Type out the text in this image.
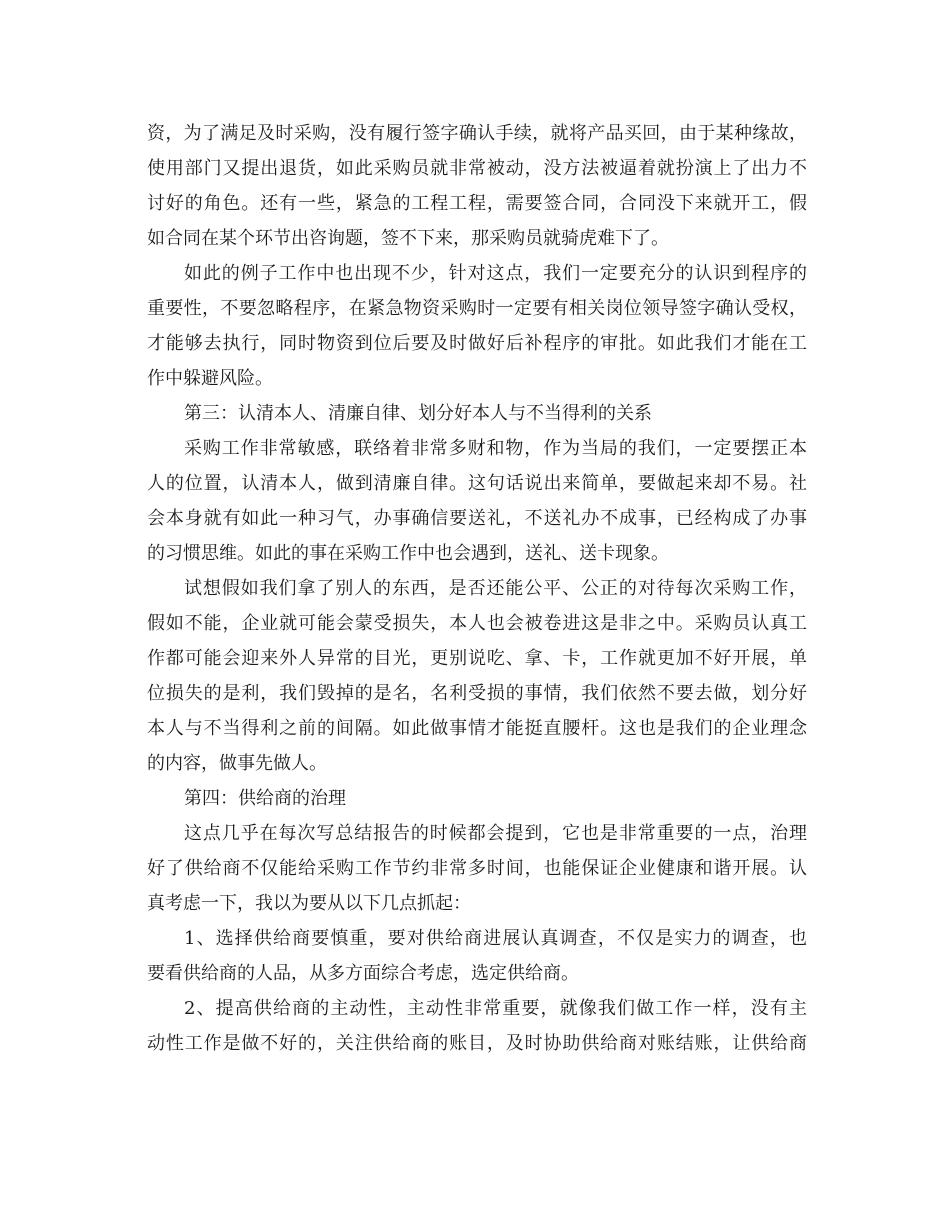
资，为了满足及时采购，没有履行签字确认手续，就将产品买回，由于某种缘故，
使用部门又提出退货，如此采购员就非常被动，没方法被逼着就扮演上了出力不
讨好的角色。还有一些，紧急的工程工程，需要签合同，合同没下来就开工，假
如合同在某个环节出咨询题，签不下来，那采购员就骑虎难下了。
如此的例子工作中也出现不少，针对这点，我们一定要充分的认识到程序的
重要性，不要忽略程序，在紧急物资采购时一定要有相关岗位领导签字确认受权，
才能够去执行，同时物资到位后要及时做好后补程序的审批。如此我们才能在工
作中躲避风险。
第三：认清本人、清廉自律、划分好本人与不当得利的关系
采购工作非常敏感，联络着非常多财和物，作为当局的我们，一定要摆正本
人的位置，认清本人，做到清廉自律。这句话说出来简单，要做起来却不易。社
会本身就有如此一种习气，办事确信要送礼，不送礼办不成事，已经构成了办事
的习惯思维。如此的事在采购工作中也会遇到，送礼、送卡现象。
试想假如我们拿了别人的东西，是否还能公平、公正的对待每次采购工作，
假如不能，企业就可能会蒙受损失，本人也会被卷进这是非之中。采购员认真工
作都可能会迎来外人异常的目光，更别说吃、拿、卡，工作就更加不好开展，单
位损失的是利，我们毁掉的是名，名利受损的事情，我们依然不要去做，划分好
本人与不当得利之前的间隔。如此做事情才能挺直腰杆。这也是我们的企业理念
的内容，做事先做人。
第四：供给商的治理
这点几乎在每次写总结报告的时候都会提到，它也是非常重要的一点，治理
好了供给商不仅能给采购工作节约非常多时间，也能保证企业健康和谐开展。认
真考虑一下，我以为要从以下几点抓起：
1、选择供给商要慎重，要对供给商进展认真调查，不仅是实力的调查，也
要看供给商的人品，从多方面综合考虑，选定供给商。
2、提高供给商的主动性，主动性非常重要，就像我们做工作一样，没有主
动性工作是做不好的，关注供给商的账目，及时协助供给商对账结账，让供给商
